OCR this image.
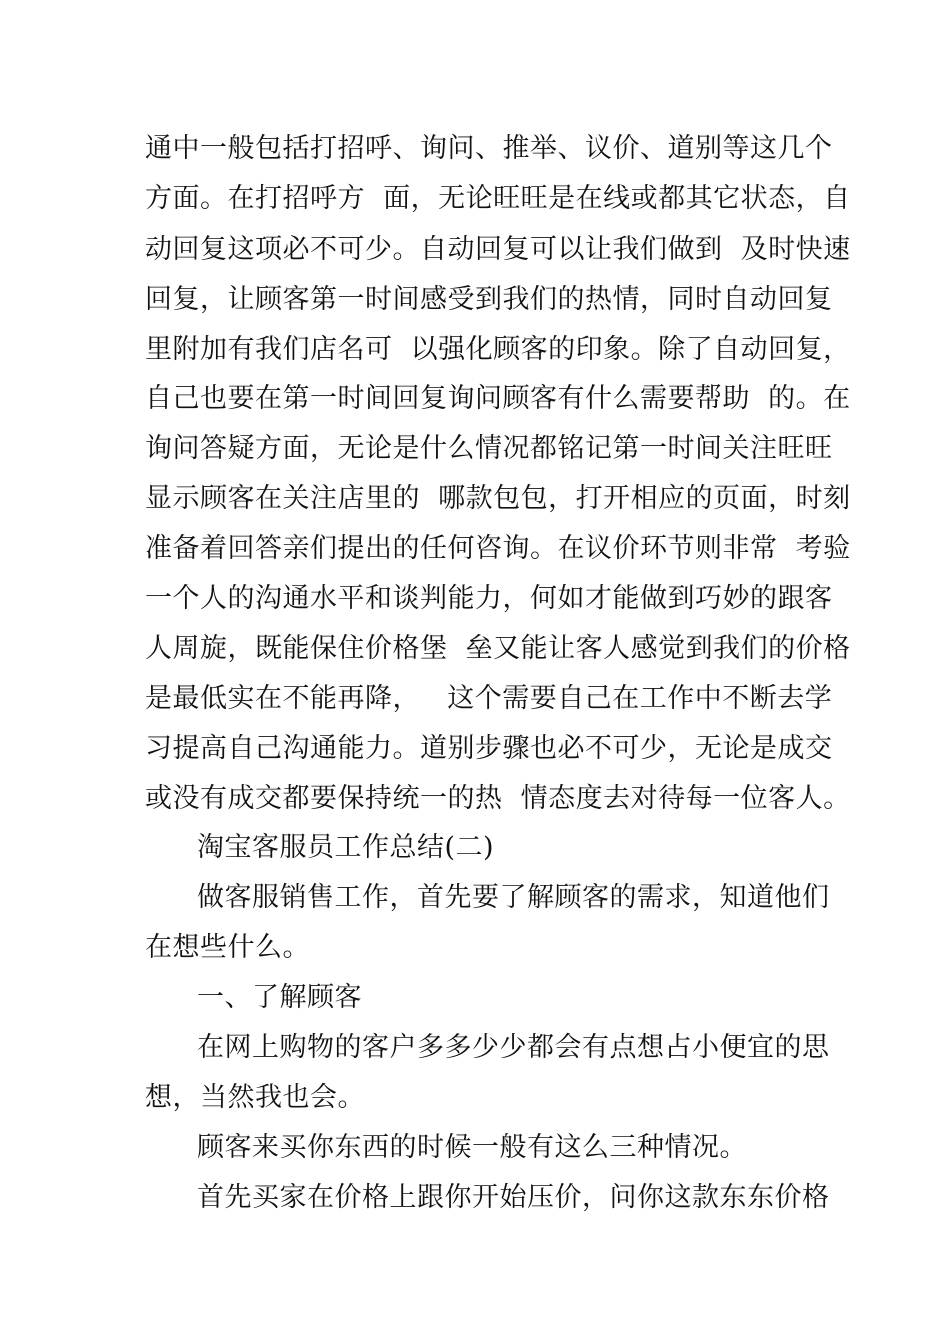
通中一般包括打招呼、询问、推举、议价、道别等这几个
方面。在打招呼方  面，无论旺旺是在线或都其它状态，自
动回复这项必不可少。自动回复可以让我们做到  及时快速
回复，让顾客第一时间感受到我们的热情，同时自动回复
里附加有我们店名可  以强化顾客的印象。除了自动回复，
自己也要在第一时间回复询问顾客有什么需要帮助  的。在
询问答疑方面，无论是什么情况都铭记第一时间关注旺旺
显示顾客在关注店里的  哪款包包，打开相应的页面，时刻
准备着回答亲们提出的任何咨询。在议价环节则非常  考验
一个人的沟通水平和谈判能力，何如才能做到巧妙的跟客
人周旋，既能保住价格堡  垒又能让客人感觉到我们的价格
是最低实在不能再降，   这个需要自己在工作中不断去学
习提高自己沟通能力。道别步骤也必不可少，无论是成交
或没有成交都要保持统一的热  情态度去对待每一位客人。
淘宝客服员工作总结(二)
做客服销售工作，首先要了解顾客的需求，知道他们
在想些什么。
一、了解顾客
在网上购物的客户多多少少都会有点想占小便宜的思
想，当然我也会。
顾客来买你东西的时候一般有这么三种情况。
首先买家在价格上跟你开始压价，问你这款东东价格
